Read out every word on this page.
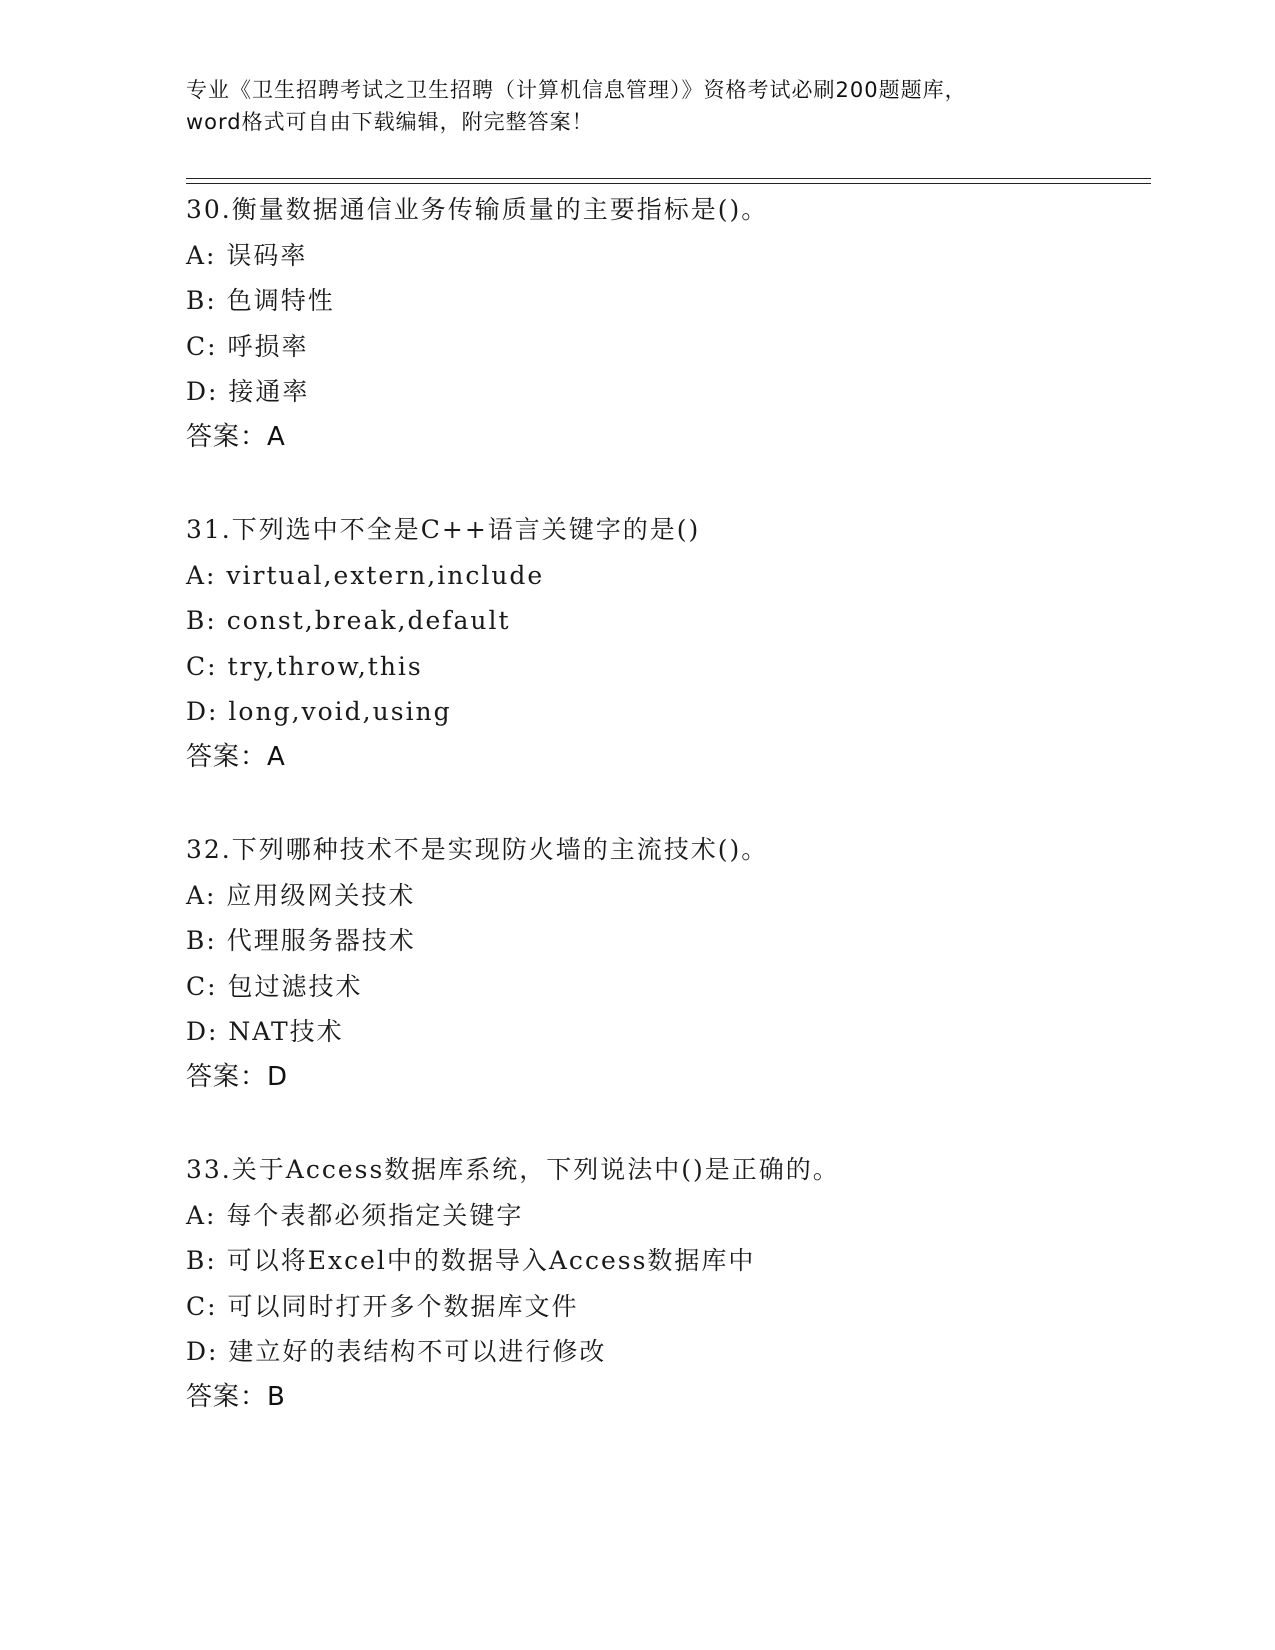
专业《卫生招聘考试之卫生招聘（计算机信息管理）》资格考试必刷200题题库，
word格式可自由下载编辑，附完整答案！
30.衡量数据通信业务传输质量的主要指标是()。
A: 误码率
B: 色调特性
C: 呼损率
D: 接通率
答案：A
31.下列选中不全是C++语言关键字的是()
A: virtual,extern,include
B: const,break,default
C: try,throw,this
D: long,void,using
答案：A
32.下列哪种技术不是实现防火墙的主流技术()。
A: 应用级网关技术
B: 代理服务器技术
C: 包过滤技术
D: NAT技术
答案：D
33.关于Access数据库系统，下列说法中()是正确的。
A: 每个表都必须指定关键字
B: 可以将Excel中的数据导入Access数据库中
C: 可以同时打开多个数据库文件
D: 建立好的表结构不可以进行修改
答案：B
